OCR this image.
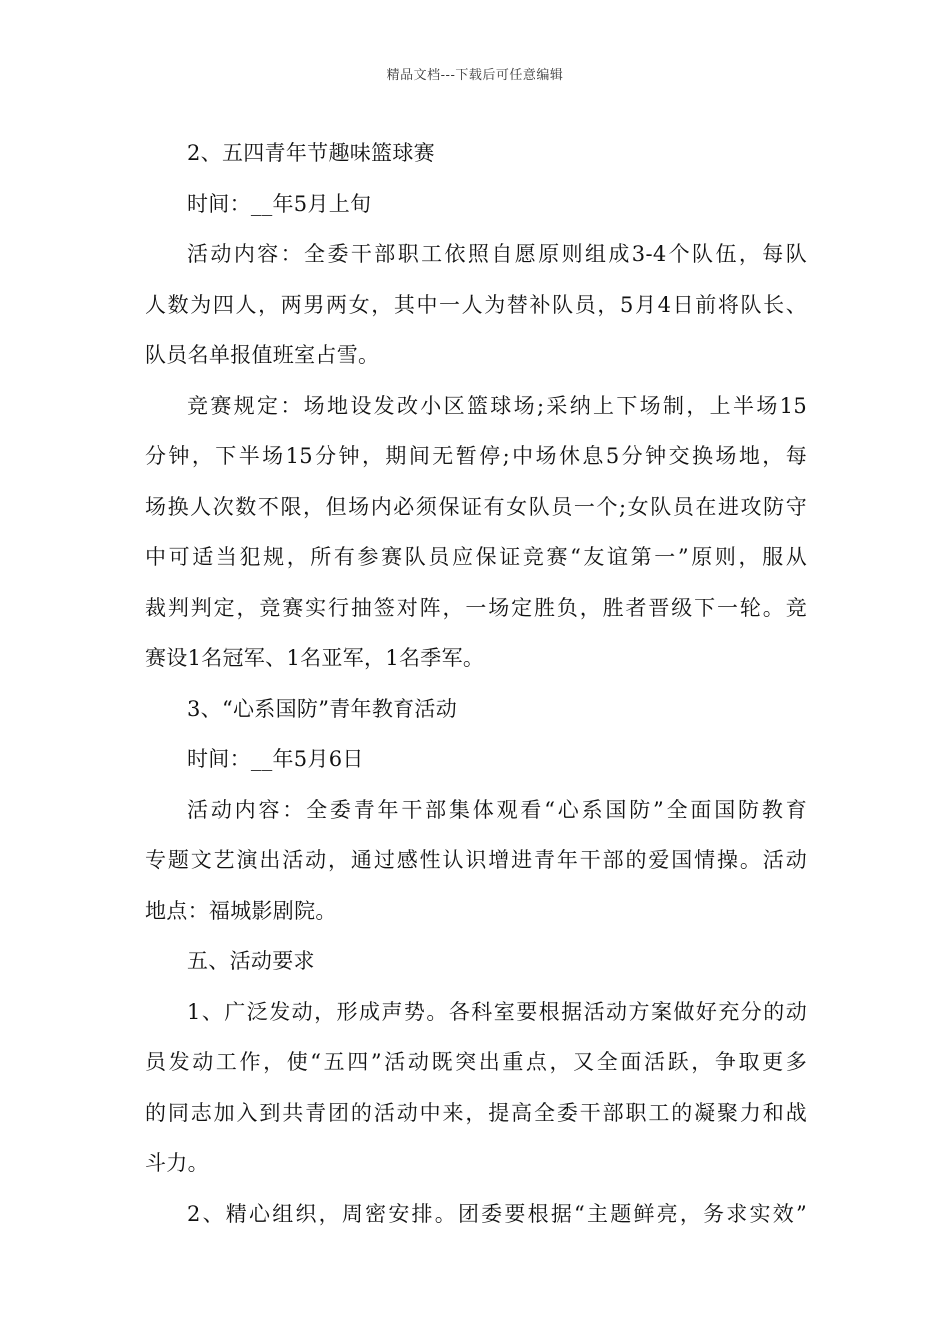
精品文档---下载后可任意编辑
2、五四青年节趣味篮球赛
时间：__年5月上旬
活动内容：全委干部职工依照自愿原则组成3-4个队伍，每队
人数为四人，两男两女，其中一人为替补队员，5月4日前将队长、
队员名单报值班室占雪。
竞赛规定：场地设发改小区篮球场;采纳上下场制，上半场15
分钟，下半场15分钟，期间无暂停;中场休息5分钟交换场地，每
场换人次数不限，但场内必须保证有女队员一个;女队员在进攻防守
中可适当犯规，所有参赛队员应保证竞赛“友谊第一”原则，服从
裁判判定，竞赛实行抽签对阵，一场定胜负，胜者晋级下一轮。竞
赛设1名冠军、1名亚军，1名季军。
3、“心系国防”青年教育活动
时间：__年5月6日
活动内容：全委青年干部集体观看“心系国防”全面国防教育
专题文艺演出活动，通过感性认识增进青年干部的爱国情操。活动
地点：福城影剧院。
五、活动要求
1、广泛发动，形成声势。各科室要根据活动方案做好充分的动
员发动工作，使“五四”活动既突出重点，又全面活跃，争取更多
的同志加入到共青团的活动中来，提高全委干部职工的凝聚力和战
斗力。
2、精心组织，周密安排。团委要根据“主题鲜亮，务求实效”
